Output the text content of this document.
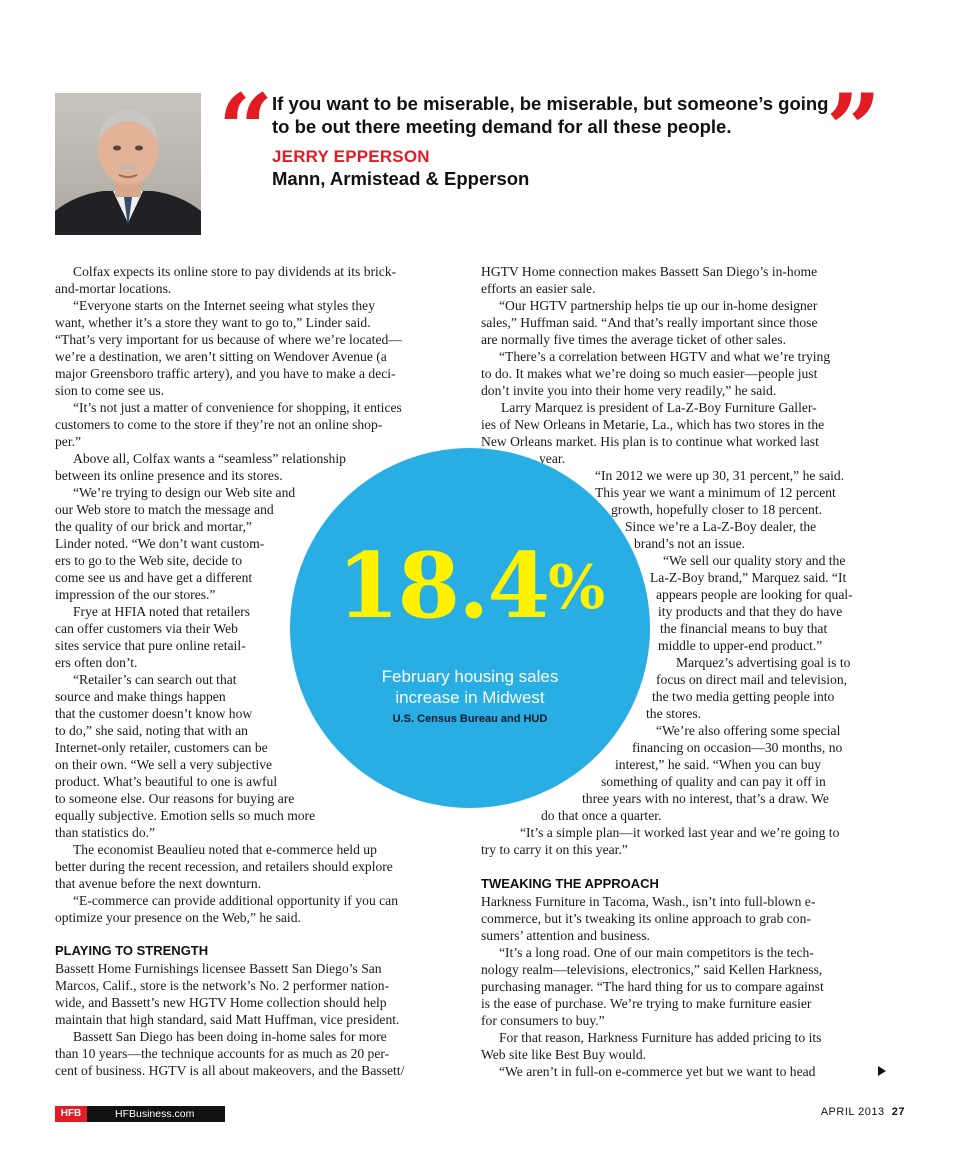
“	”
If you want to be miserable, be miserable, but someone’s going to be out there meeting demand for all these people.
JERRY EPPERSON
Mann, Armistead & Epperson
Colfax expects its online store to pay dividends at its brick-
and-mortar locations.
“Everyone starts on the Internet seeing what styles they
want, whether it’s a store they want to go to,” Linder said.
“That’s very important for us because of where we’re located—
we’re a destination, we aren’t sitting on Wendover Avenue (a
major Greensboro traffic artery), and you have to make a deci-
sion to come see us.
“It’s not just a matter of convenience for shopping, it entices
customers to come to the store if they’re not an online shop-
per.”
Above all, Colfax wants a “seamless” relationship
between its online presence and its stores.
“We’re trying to design our Web site and
our Web store to match the message and
the quality of our brick and mortar,”
Linder noted. “We don’t want custom-
ers to go to the Web site, decide to
come see us and have get a different
impression of the our stores.”
Frye at HFIA noted that retailers
can offer customers via their Web
sites service that pure online retail-
ers often don’t.
“Retailer’s can search out that
source and make things happen
that the customer doesn’t know how
to do,” she said, noting that with an
Internet-only retailer, customers can be
on their own. “We sell a very subjective
product. What’s beautiful to one is awful
to someone else. Our reasons for buying are
equally subjective. Emotion sells so much more
than statistics do.”
The economist Beaulieu noted that e-commerce held up
better during the recent recession, and retailers should explore
that avenue before the next downturn.
“E-commerce can provide additional opportunity if you can
optimize your presence on the Web,” he said.
PLAYING TO STRENGTH
Bassett Home Furnishings licensee Bassett San Diego’s San
Marcos, Calif., store is the network’s No. 2 performer nation-
wide, and Bassett’s new HGTV Home collection should help
maintain that high standard, said Matt Huffman, vice president.
Bassett San Diego has been doing in-home sales for more
than 10 years—the technique accounts for as much as 20 per-
cent of business. HGTV is all about makeovers, and the Bassett/
HGTV Home connection makes Bassett San Diego’s in-home
efforts an easier sale.
“Our HGTV partnership helps tie up our in-home designer
sales,” Huffman said. “And that’s really important since those
are normally five times the average ticket of other sales.
“There’s a correlation between HGTV and what we’re trying
to do. It makes what we’re doing so much easier—people just
don’t invite you into their home very readily,” he said.
Larry Marquez is president of La-Z-Boy Furniture Galler-
ies of New Orleans in Metarie, La., which has two stores in the
New Orleans market. His plan is to continue what worked last
year.
“In 2012 we were up 30, 31 percent,” he said.
This year we want a minimum of 12 percent
growth, hopefully closer to 18 percent.
Since we’re a La-Z-Boy dealer, the
brand’s not an issue.
“We sell our quality story and the
La-Z-Boy brand,” Marquez said. “It
appears people are looking for qual-
ity products and that they do have
the financial means to buy that
middle to upper-end product.”
Marquez’s advertising goal is to
focus on direct mail and television,
the two media getting people into
the stores.
“We’re also offering some special
financing on occasion—30 months, no
interest,” he said. “When you can buy
something of quality and can pay it off in
three years with no interest, that’s a draw. We
do that once a quarter.
“It’s a simple plan—it worked last year and we’re going to
try to carry it on this year.”
TWEAKING THE APPROACH
Harkness Furniture in Tacoma, Wash., isn’t into full-blown e-
commerce, but it’s tweaking its online approach to grab con-
sumers’ attention and business.
“It’s a long road. One of our main competitors is the tech-
nology realm—televisions, electronics,” said Kellen Harkness,
purchasing manager. “The hard thing for us to compare against
is the ease of purchase. We’re trying to make furniture easier
for consumers to buy.”
For that reason, Harkness Furniture has added pricing to its
Web site like Best Buy would.
“We aren’t in full-on e-commerce yet but we want to head
18.4%
February housing sales
increase in Midwest
U.S. Census Bureau and HUD
HFB	HFBusiness.com	APRIL 2013 27
